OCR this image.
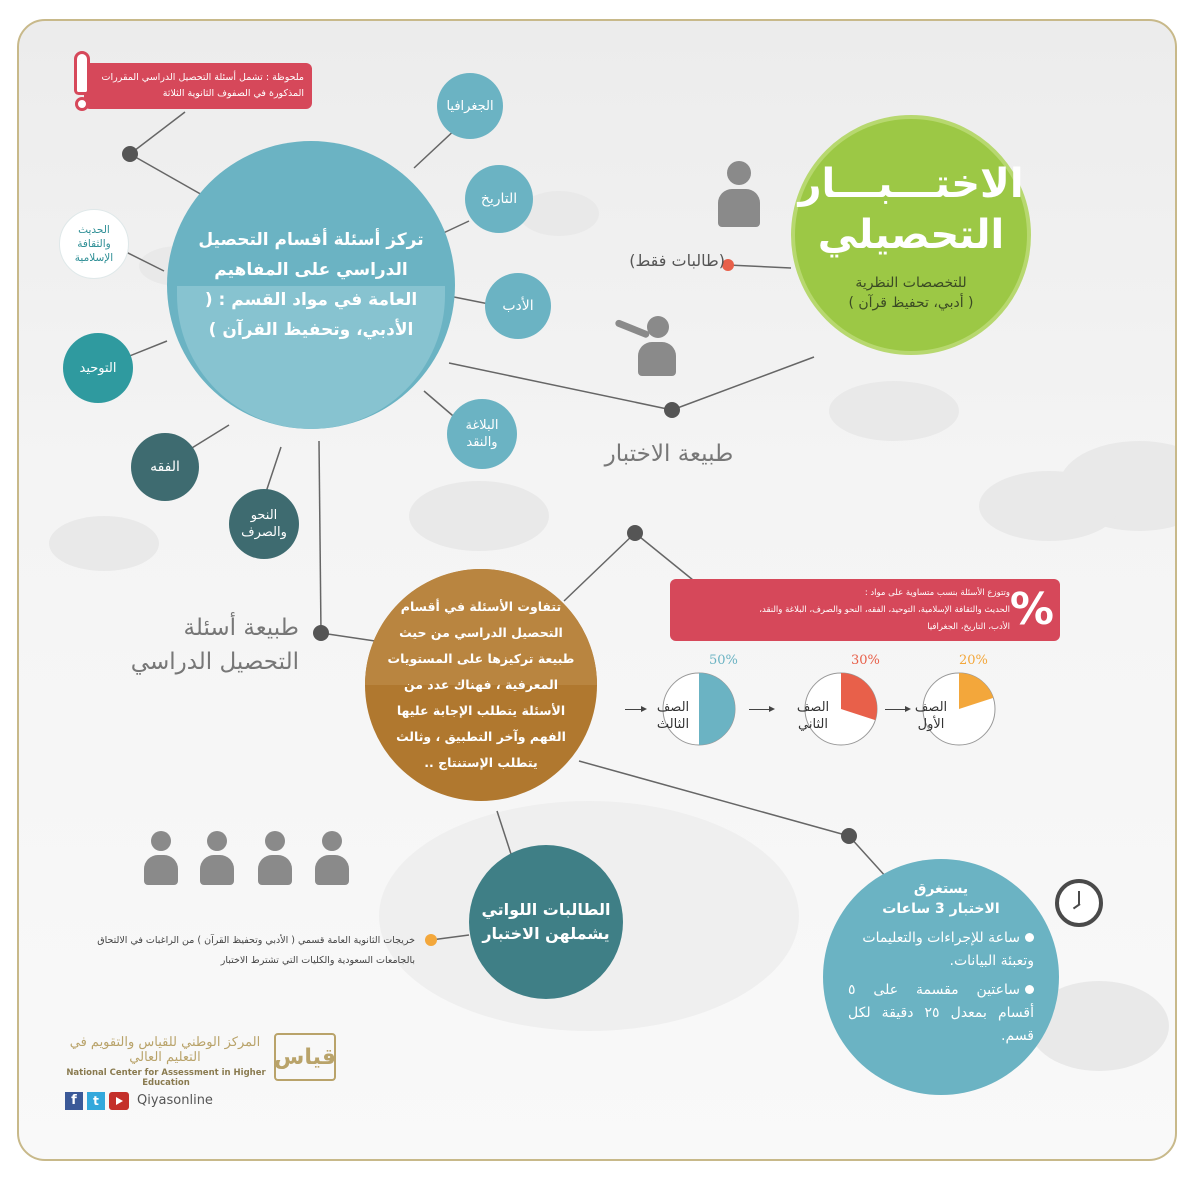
ملحوظة : تشمل أسئلة التحصيل الدراسي المقررات المذكورة في الصفوف الثانوية الثلاثة
الاختـــبـــار
التحصيلي
للتخصصات النظرية
( أدبي، تحفيظ قرآن )
(طالبات فقط)
طبيعة الاختبار
تركز أسئلة أقسام التحصيل الدراسي على المفاهيم العامة في مواد القسم : ( الأدبي، وتحفيظ القرآن )
الجغرافيا
التاريخ
الأدب
البلاغة والنقد
النحو والصرف
الفقه
التوحيد
الحديث والثقافة الإسلامية
طبيعة أسئلة
التحصيل الدراسي
تتفاوت الأسئلة في أقسام التحصيل الدراسي من حيث طبيعة تركيزها على المستويات المعرفية ، فهناك عدد من الأسئلة يتطلب الإجابة عليها الفهم وآخر التطبيق ، وثالث يتطلب الإستنتاج ..
وتتوزع الأسئلة بنسب متساوية على مواد :
الحديث والثقافة الإسلامية، التوحيد، الفقه، النحو والصرف، البلاغة والنقد،
الأدب، التاريخ، الجغرافيا %
50%	30%	20%
الصف الثالث
الصف الثاني
الصف الأول
الطالبات اللواتي
يشملهن الاختبار
خريجات الثانوية العامة قسمي ( الأدبي وتحفيظ القرآن ) من الراغبات في الالتحاق
بالجامعات السعودية والكليات التي تشترط الاختبار
يستغرق
الاختبار 3 ساعات
ساعة للإجراءات والتعليمات وتعبئة البيانات.
ساعتين مقسمة على ٥ أقسام بمعدل ٢٥ دقيقة لكل قسم.
قياس
المركز الوطني للقياس والتقويم في التعليم العالي
National Center for Assessment in Higher Education
f	t	Qiyasonline
